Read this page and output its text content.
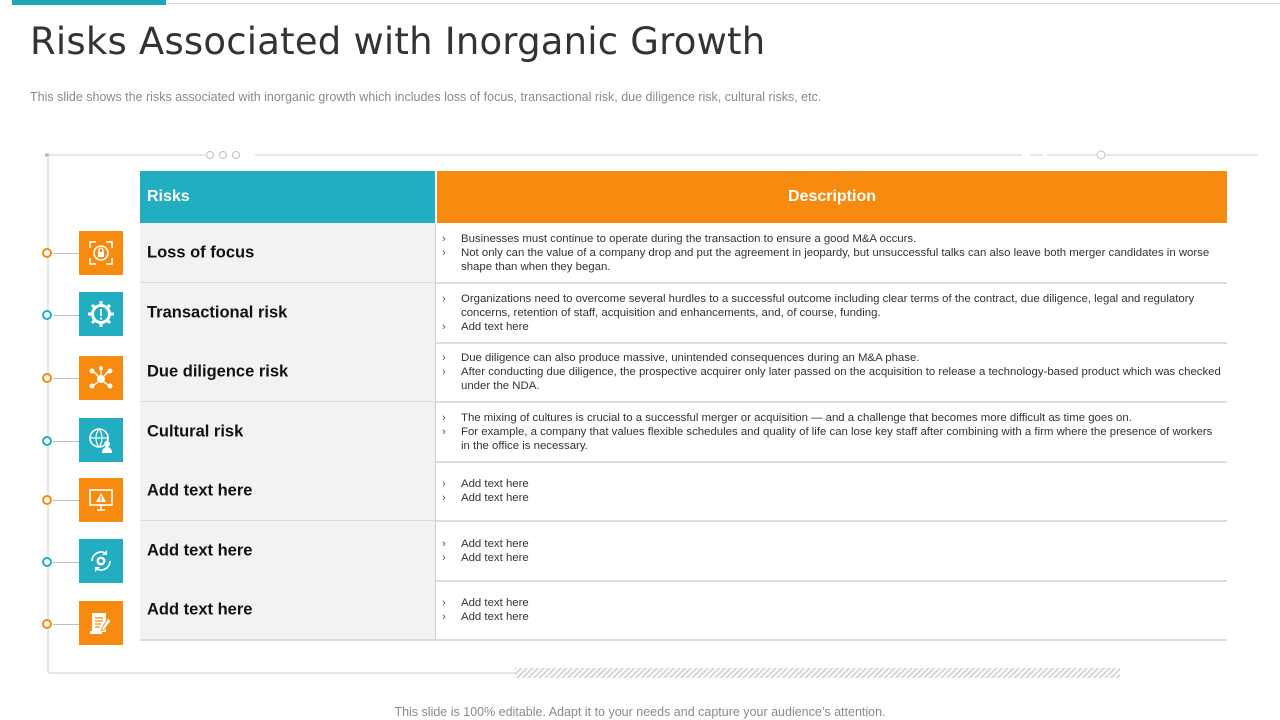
Risks Associated with Inorganic Growth

This slide shows the risks associated with inorganic growth which includes loss of focus, transactional risk, due diligence risk, cultural risks, etc.

Risks	Description
Loss of focus
›	Businesses must continue to operate during the transaction to ensure a good M&A occurs.
›	Not only can the value of a company drop and put the agreement in jeopardy, but unsuccessful talks can also leave both merger candidates in worse shape than when they began.
Transactional risk
›	Organizations need to overcome several hurdles to a successful outcome including clear terms of the contract, due diligence, legal and regulatory concerns, retention of staff, acquisition and enhancements, and, of course, funding.
›	Add text here
Due diligence risk
›	Due diligence can also produce massive, unintended consequences during an M&A phase.
›	After conducting due diligence, the prospective acquirer only later passed on the acquisition to release a technology-based product which was checked under the NDA.
Cultural risk
›	The mixing of cultures is crucial to a successful merger or acquisition — and a challenge that becomes more difficult as time goes on.
›	For example, a company that values flexible schedules and quality of life can lose key staff after combining with a firm where the presence of workers in the office is necessary.
Add text here	›	Add text here
›	Add text here
Add text here	›	Add text here
›	Add text here
Add text here	›	Add text here
›	Add text here
This slide is 100% editable. Adapt it to your needs and capture your audience’s attention.
